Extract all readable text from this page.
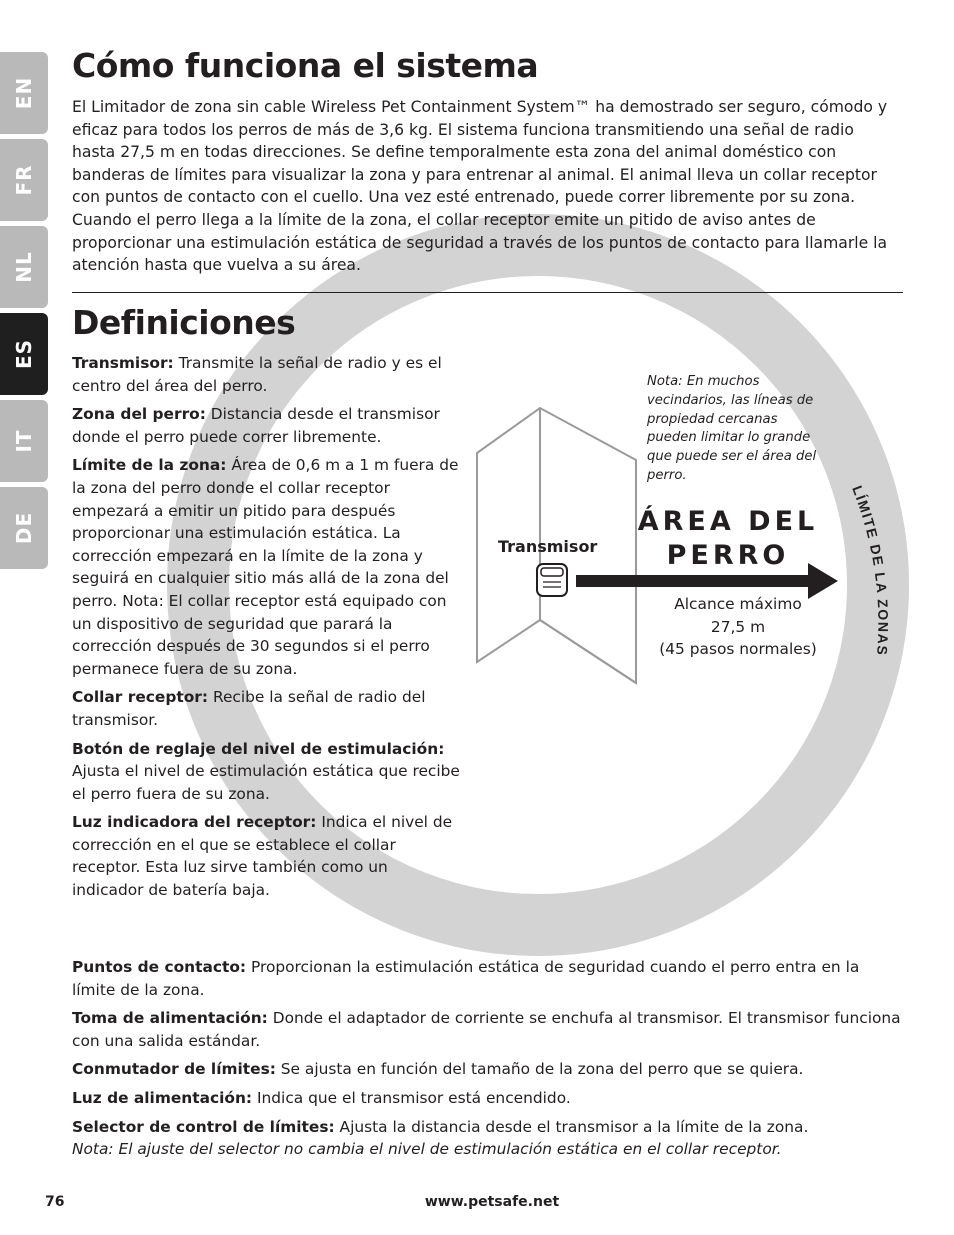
LÍMITE DE LA ZONAS
EN
FR
NL
ES
IT
DE
Cómo funciona el sistema

El Limitador de zona sin cable Wireless Pet Containment System™ ha demostrado ser seguro, cómodo y eficaz para todos los perros de más de 3,6 kg. El sistema funciona transmitiendo una señal de radio hasta 27,5 m en todas direcciones. Se define temporalmente esta zona del animal doméstico con banderas de límites para visualizar la zona y para entrenar al animal. El animal lleva un collar receptor con puntos de contacto con el cuello. Una vez esté entrenado, puede correr libremente por su zona. Cuando el perro llega a la límite de la zona, el collar receptor emite un pitido de aviso antes de proporcionar una estimulación estática de seguridad a través de los puntos de contacto para llamarle la atención hasta que vuelva a su área.

Definiciones

Transmisor: Transmite la señal de radio y es el centro del área del perro.

Zona del perro: Distancia desde el transmisor donde el perro puede correr libremente.

Límite de la zona: Área de 0,6 m a 1 m fuera de la zona del perro donde el collar receptor empezará a emitir un pitido para después proporcionar una estimulación estática. La corrección empezará en la límite de la zona y seguirá en cualquier sitio más allá de la zona del perro. Nota: El collar receptor está equipado con un dispositivo de seguridad que parará la corrección después de 30 segundos si el perro permanece fuera de su zona.

Collar receptor: Recibe la señal de radio del transmisor.

Botón de reglaje del nivel de estimulación: Ajusta el nivel de estimulación estática que recibe el perro fuera de su zona.

Luz indicadora del receptor: Indica el nivel de corrección en el que se establece el collar receptor. Esta luz sirve también como un indicador de batería baja.

Puntos de contacto: Proporcionan la estimulación estática de seguridad cuando el perro entra en la límite de la zona.

Toma de alimentación: Donde el adaptador de corriente se enchufa al transmisor. El transmisor funciona con una salida estándar.

Conmutador de límites: Se ajusta en función del tamaño de la zona del perro que se quiera.

Luz de alimentación: Indica que el transmisor está encendido.

Selector de control de límites: Ajusta la distancia desde el transmisor a la límite de la zona.
Nota: El ajuste del selector no cambia el nivel de estimulación estática en el collar receptor.

Nota: En muchos vecindarios, las líneas de propiedad cercanas pueden limitar lo grande que puede ser el área del perro.

Transmisor
ÁREA DEL
PERRO
Alcance máximo
27,5 m
(45 pasos normales)
76	www.petsafe.net
